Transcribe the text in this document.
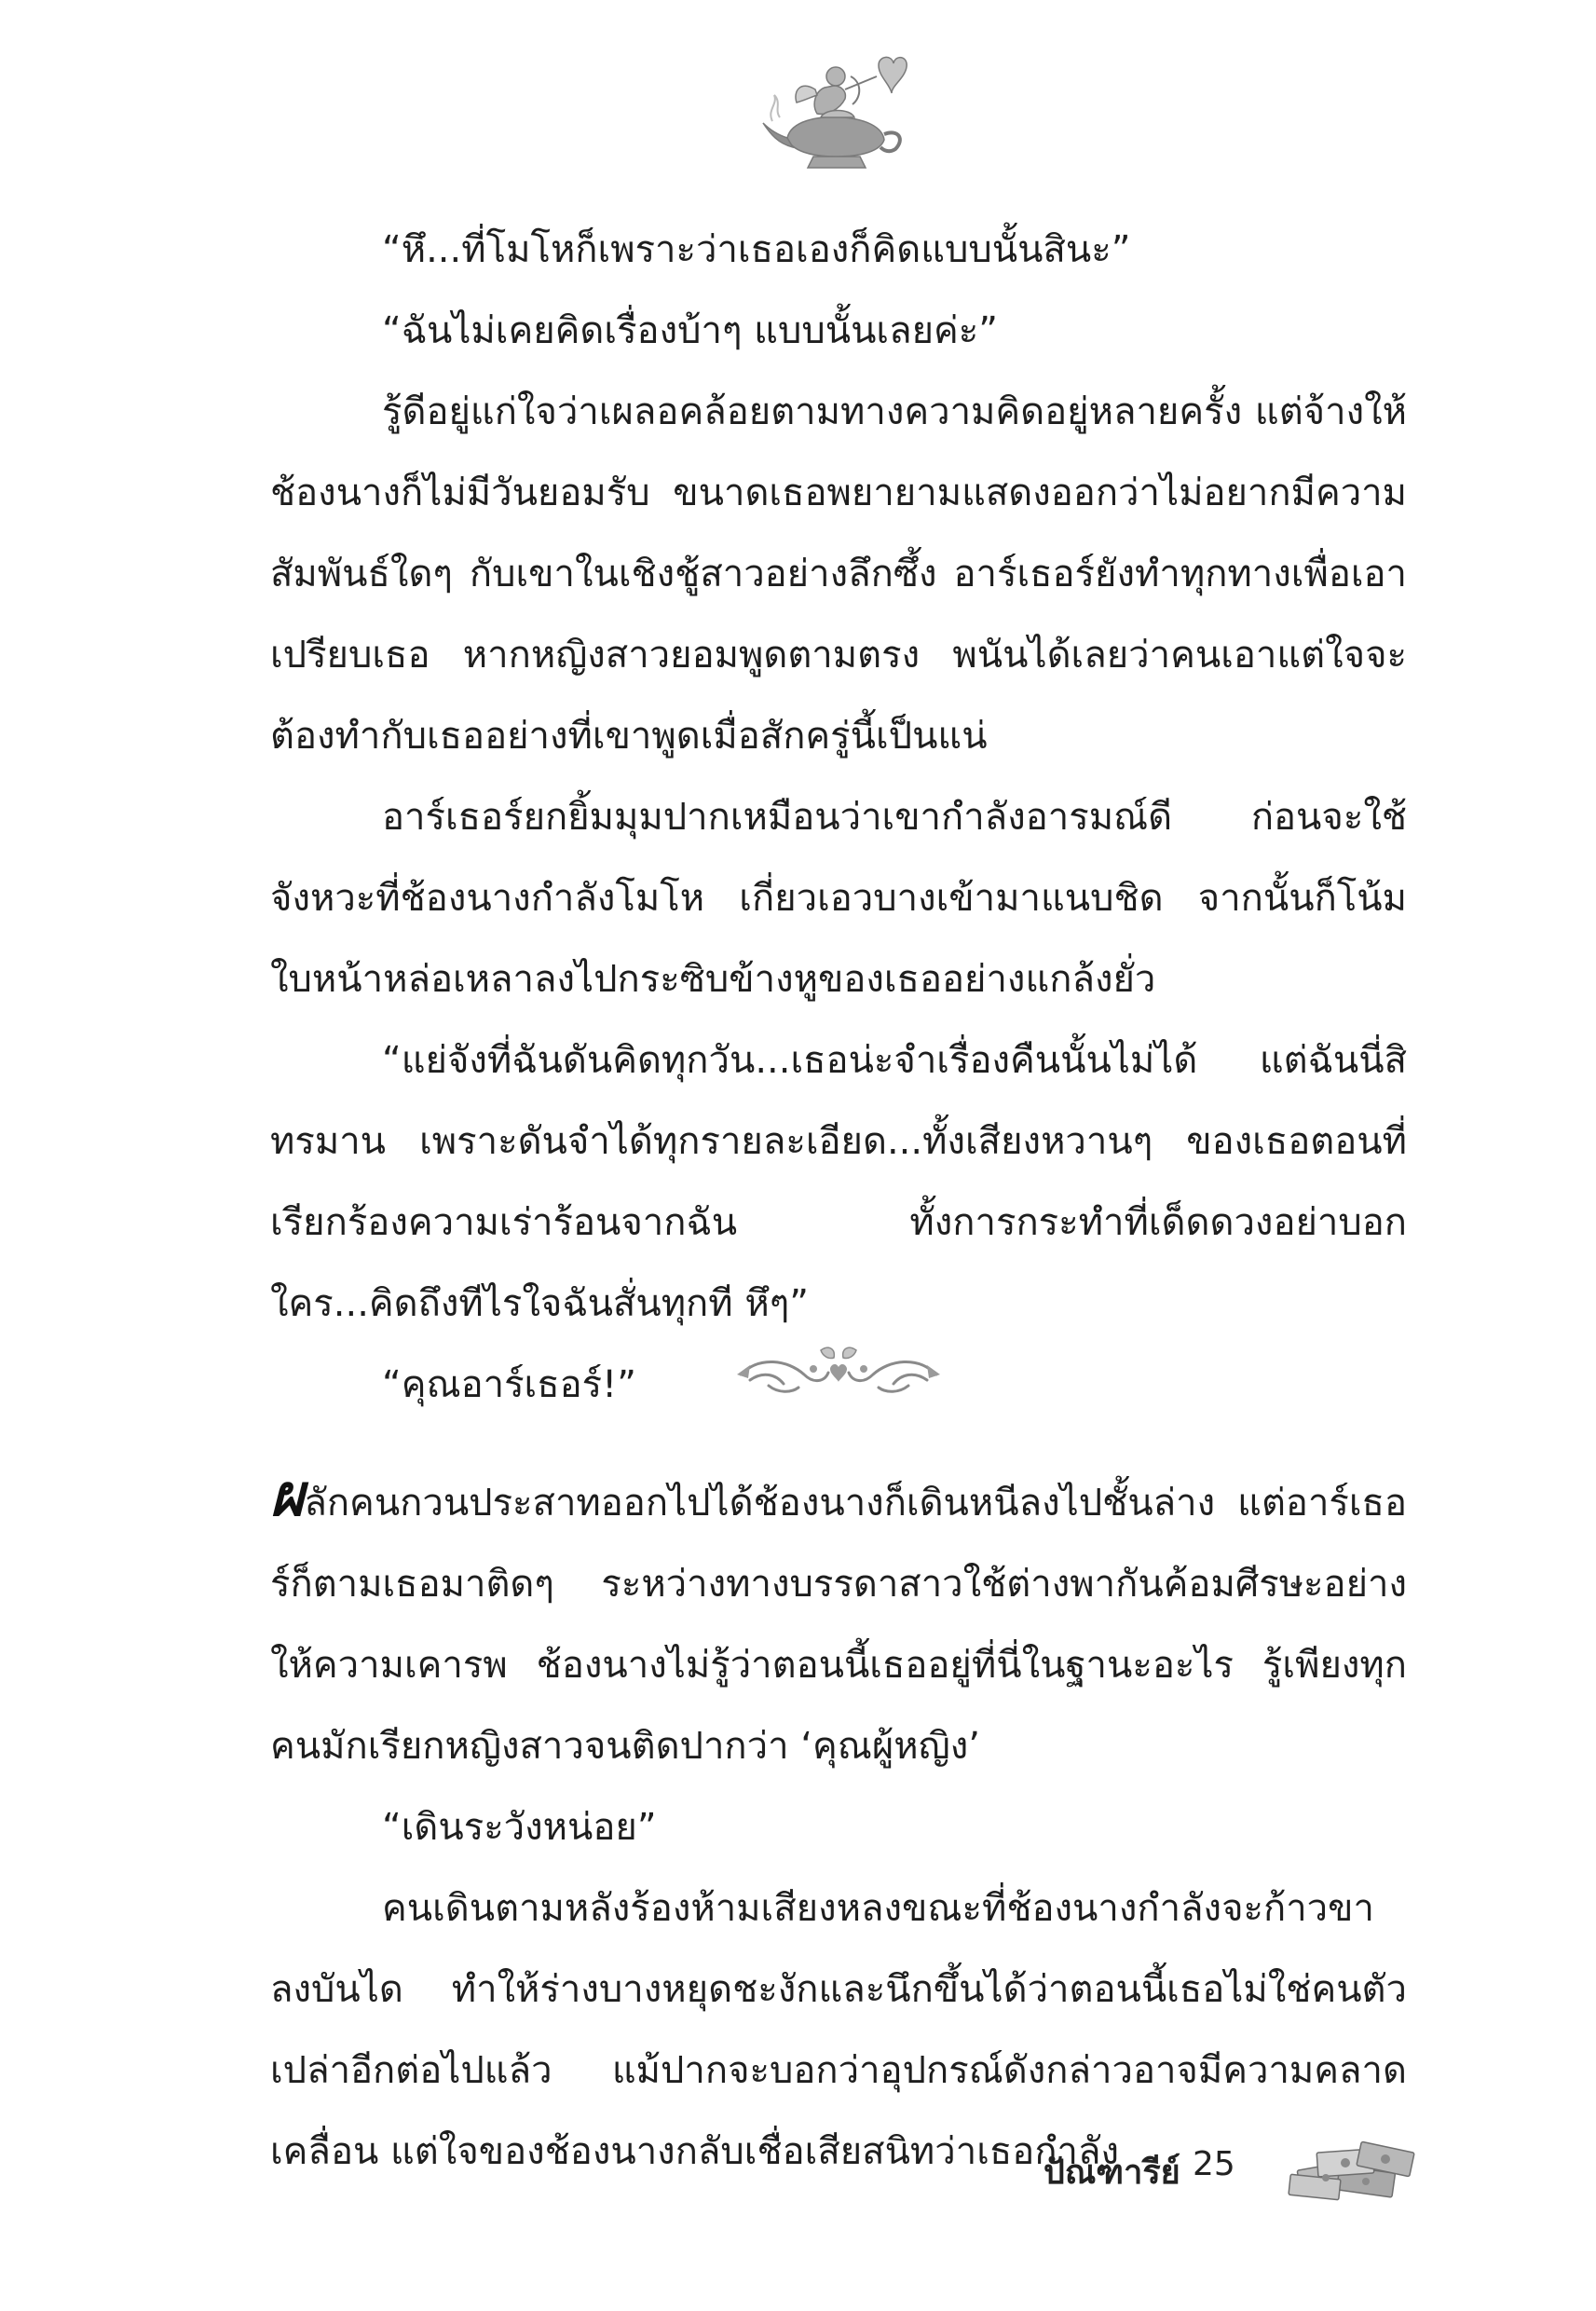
“หึ...ที่โมโหก็เพราะว่าเธอเองก็คิดแบบนั้นสินะ”

“ฉันไม่เคยคิดเรื่องบ้าๆ แบบนั้นเลยค่ะ”

รู้ดีอยู่แก่ใจว่าเผลอคล้อยตามทางความคิดอยู่หลายครั้ง แต่จ้างให้ช้องนางก็ไม่มีวันยอมรับ ขนาดเธอพยายามแสดงออกว่าไม่อยากมีความสัมพันธ์ใดๆ กับเขาในเชิงชู้สาวอย่างลึกซึ้ง อาร์เธอร์ยังทำทุกทางเพื่อเอาเปรียบเธอ หากหญิงสาวยอมพูดตามตรง พนันได้เลยว่าคนเอาแต่ใจจะต้องทำกับเธออย่างที่เขาพูดเมื่อสักครู่นี้เป็นแน่

อาร์เธอร์ยกยิ้มมุมปากเหมือนว่าเขากำลังอารมณ์ดี ก่อนจะใช้จังหวะที่ช้องนางกำลังโมโห เกี่ยวเอวบางเข้ามาแนบชิด จากนั้นก็โน้มใบหน้าหล่อเหลาลงไปกระซิบข้างหูของเธออย่างแกล้งยั่ว

“แย่จังที่ฉันดันคิดทุกวัน...เธอน่ะจำเรื่องคืนนั้นไม่ได้ แต่ฉันนี่สิทรมาน เพราะดันจำได้ทุกรายละเอียด...ทั้งเสียงหวานๆ ของเธอตอนที่เรียกร้องความเร่าร้อนจากฉัน ทั้งการกระทำที่เด็ดดวงอย่าบอกใคร...คิดถึงทีไรใจฉันสั่นทุกที หึๆ”

“คุณอาร์เธอร์!”

ผลักคนกวนประสาทออกไปได้ช้องนางก็เดินหนีลงไปชั้นล่าง แต่อาร์เธอร์ก็ตามเธอมาติดๆ ระหว่างทางบรรดาสาวใช้ต่างพากันค้อมศีรษะอย่างให้ความเคารพ ช้องนางไม่รู้ว่าตอนนี้เธออยู่ที่นี่ในฐานะอะไร รู้เพียงทุกคนมักเรียกหญิงสาวจนติดปากว่า ‘คุณผู้หญิง’

“เดินระวังหน่อย”

คนเดินตามหลังร้องห้ามเสียงหลงขณะที่ช้องนางกำลังจะก้าวขาลงบันได ทำให้ร่างบางหยุดชะงักและนึกขึ้นได้ว่าตอนนี้เธอไม่ใช่คนตัวเปล่าอีกต่อไปแล้ว แม้ปากจะบอกว่าอุปกรณ์ดังกล่าวอาจมีความคลาดเคลื่อน แต่ใจของช้องนางกลับเชื่อเสียสนิทว่าเธอกำลัง

ปัณฑารีย์ 25
